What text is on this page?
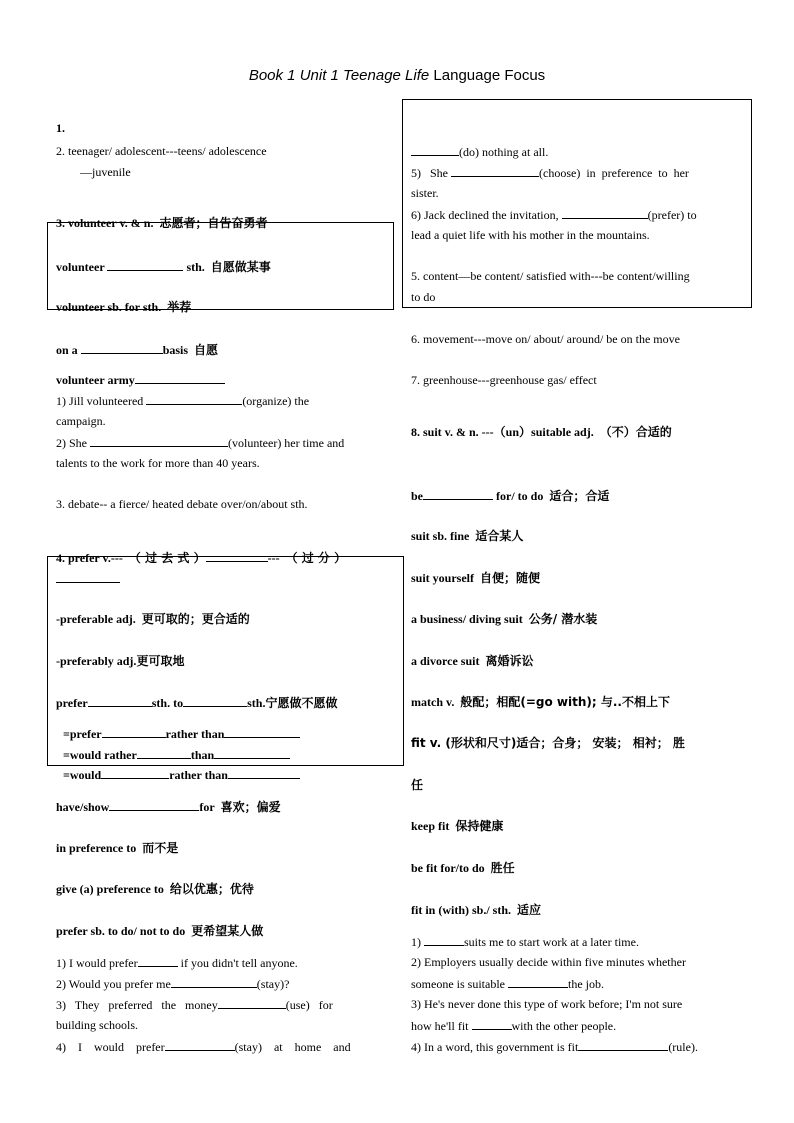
Book 1 Unit 1 Teenage Life Language Focus
1.
2. teenager/ adolescent---teens/ adolescence
—juvenile
3. volunteer v. & n. 志愿者；自告奋勇者
volunteer	sth. 自愿做某事
volunteer sb. for sth. 举荐
on a	basis 自愿
volunteer army
1) Jill volunteered	(organize) the
campaign.
2) She	(volunteer) her time and
talents to the work for more than 40 years.
3. debate-- a fierce/ heated debate over/on/about sth.
4. prefer v.--- （ 过 去 式 ）	--- （ 过 分 ）
-preferable adj. 更可取的；更合适的
-preferably adj.更可取地
prefer	sth. to	sth.宁愿做不愿做
=prefer	rather than
=would rather	than
=would	rather than
have/show	for 喜欢；偏爱
in preference to 而不是
give (a) preference to 给以优惠；优待
prefer sb. to do/ not to do 更希望某人做
1) I would prefer	if you didn't tell anyone.
2) Would you prefer me	(stay)?
3)   They   preferred   the   money	(use)   for
building schools.
4)    I    would    prefer	(stay)    at    home    and
(do) nothing at all.
5)   She	(choose)  in  preference  to  her
sister.
6) Jack declined the invitation,	(prefer) to
lead a quiet life with his mother in the mountains.
5. content—be content/ satisfied with---be content/willing
to do
6. movement---move on/ about/ around/ be on the move
7. greenhouse---greenhouse gas/ effect
8. suit v. & n. ---（un）suitable adj. （不）合适的
be	for/ to do 适合；合适
suit sb. fine 适合某人
suit yourself 自便；随便
a business/ diving suit 公务/ 潜水装
a divorce suit 离婚诉讼
match v. 般配；相配(=go with); 与..不相上下
fit v. (形状和尺寸)适合；合身； 安装； 相衬； 胜
任
keep fit 保持健康
be fit for/to do 胜任
fit in (with) sb./ sth. 适应
1)	suits me to start work at a later time.
2) Employers usually decide within five minutes whether
someone is suitable	the job.
3) He's never done this type of work before; I'm not sure
how he'll fit	with the other people.
4) In a word, this government is fit	(rule).
